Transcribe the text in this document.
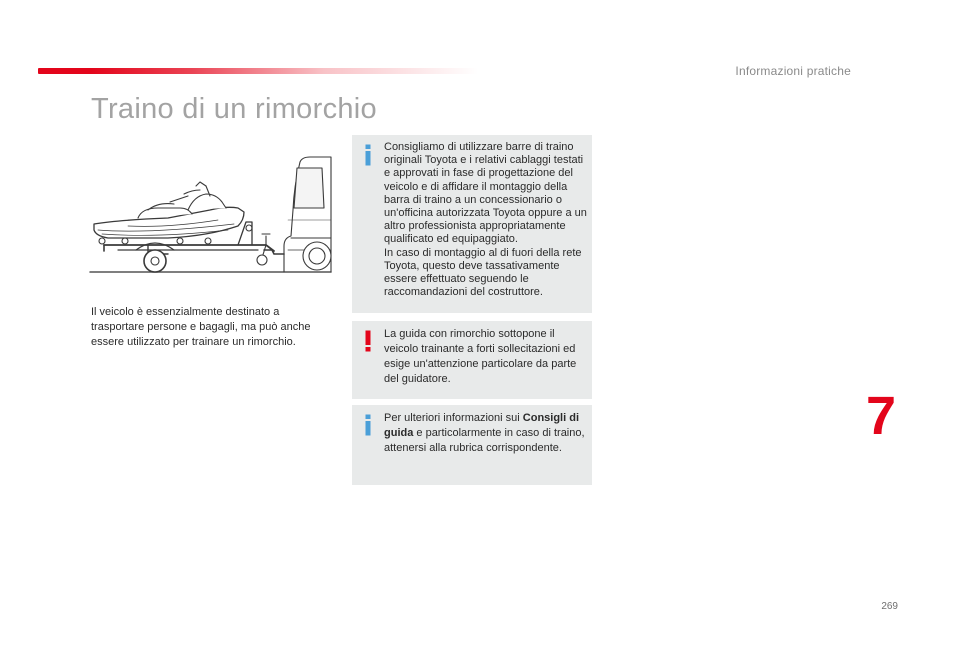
Informazioni pratiche
Traino di un rimorchio
Il veicolo è essenzialmente destinato a trasportare persone e bagagli, ma può anche essere utilizzato per trainare un rimorchio.

Consigliamo di utilizzare barre di traino originali Toyota e i relativi cablaggi testati e approvati in fase di progettazione del veicolo e di affidare il montaggio della barra di traino a un concessionario o un'officina autorizzata Toyota oppure a un altro professionista appropriatamente qualificato ed equipaggiato.

In caso di montaggio al di fuori della rete Toyota, questo deve tassativamente essere effettuato seguendo le raccomandazioni del costruttore.

La guida con rimorchio sottopone il veicolo trainante a forti sollecitazioni ed esige un'attenzione particolare da parte del guidatore.

Per ulteriori informazioni sui Consigli di guida e particolarmente in caso di traino, attenersi alla rubrica corrispondente.

7
269
